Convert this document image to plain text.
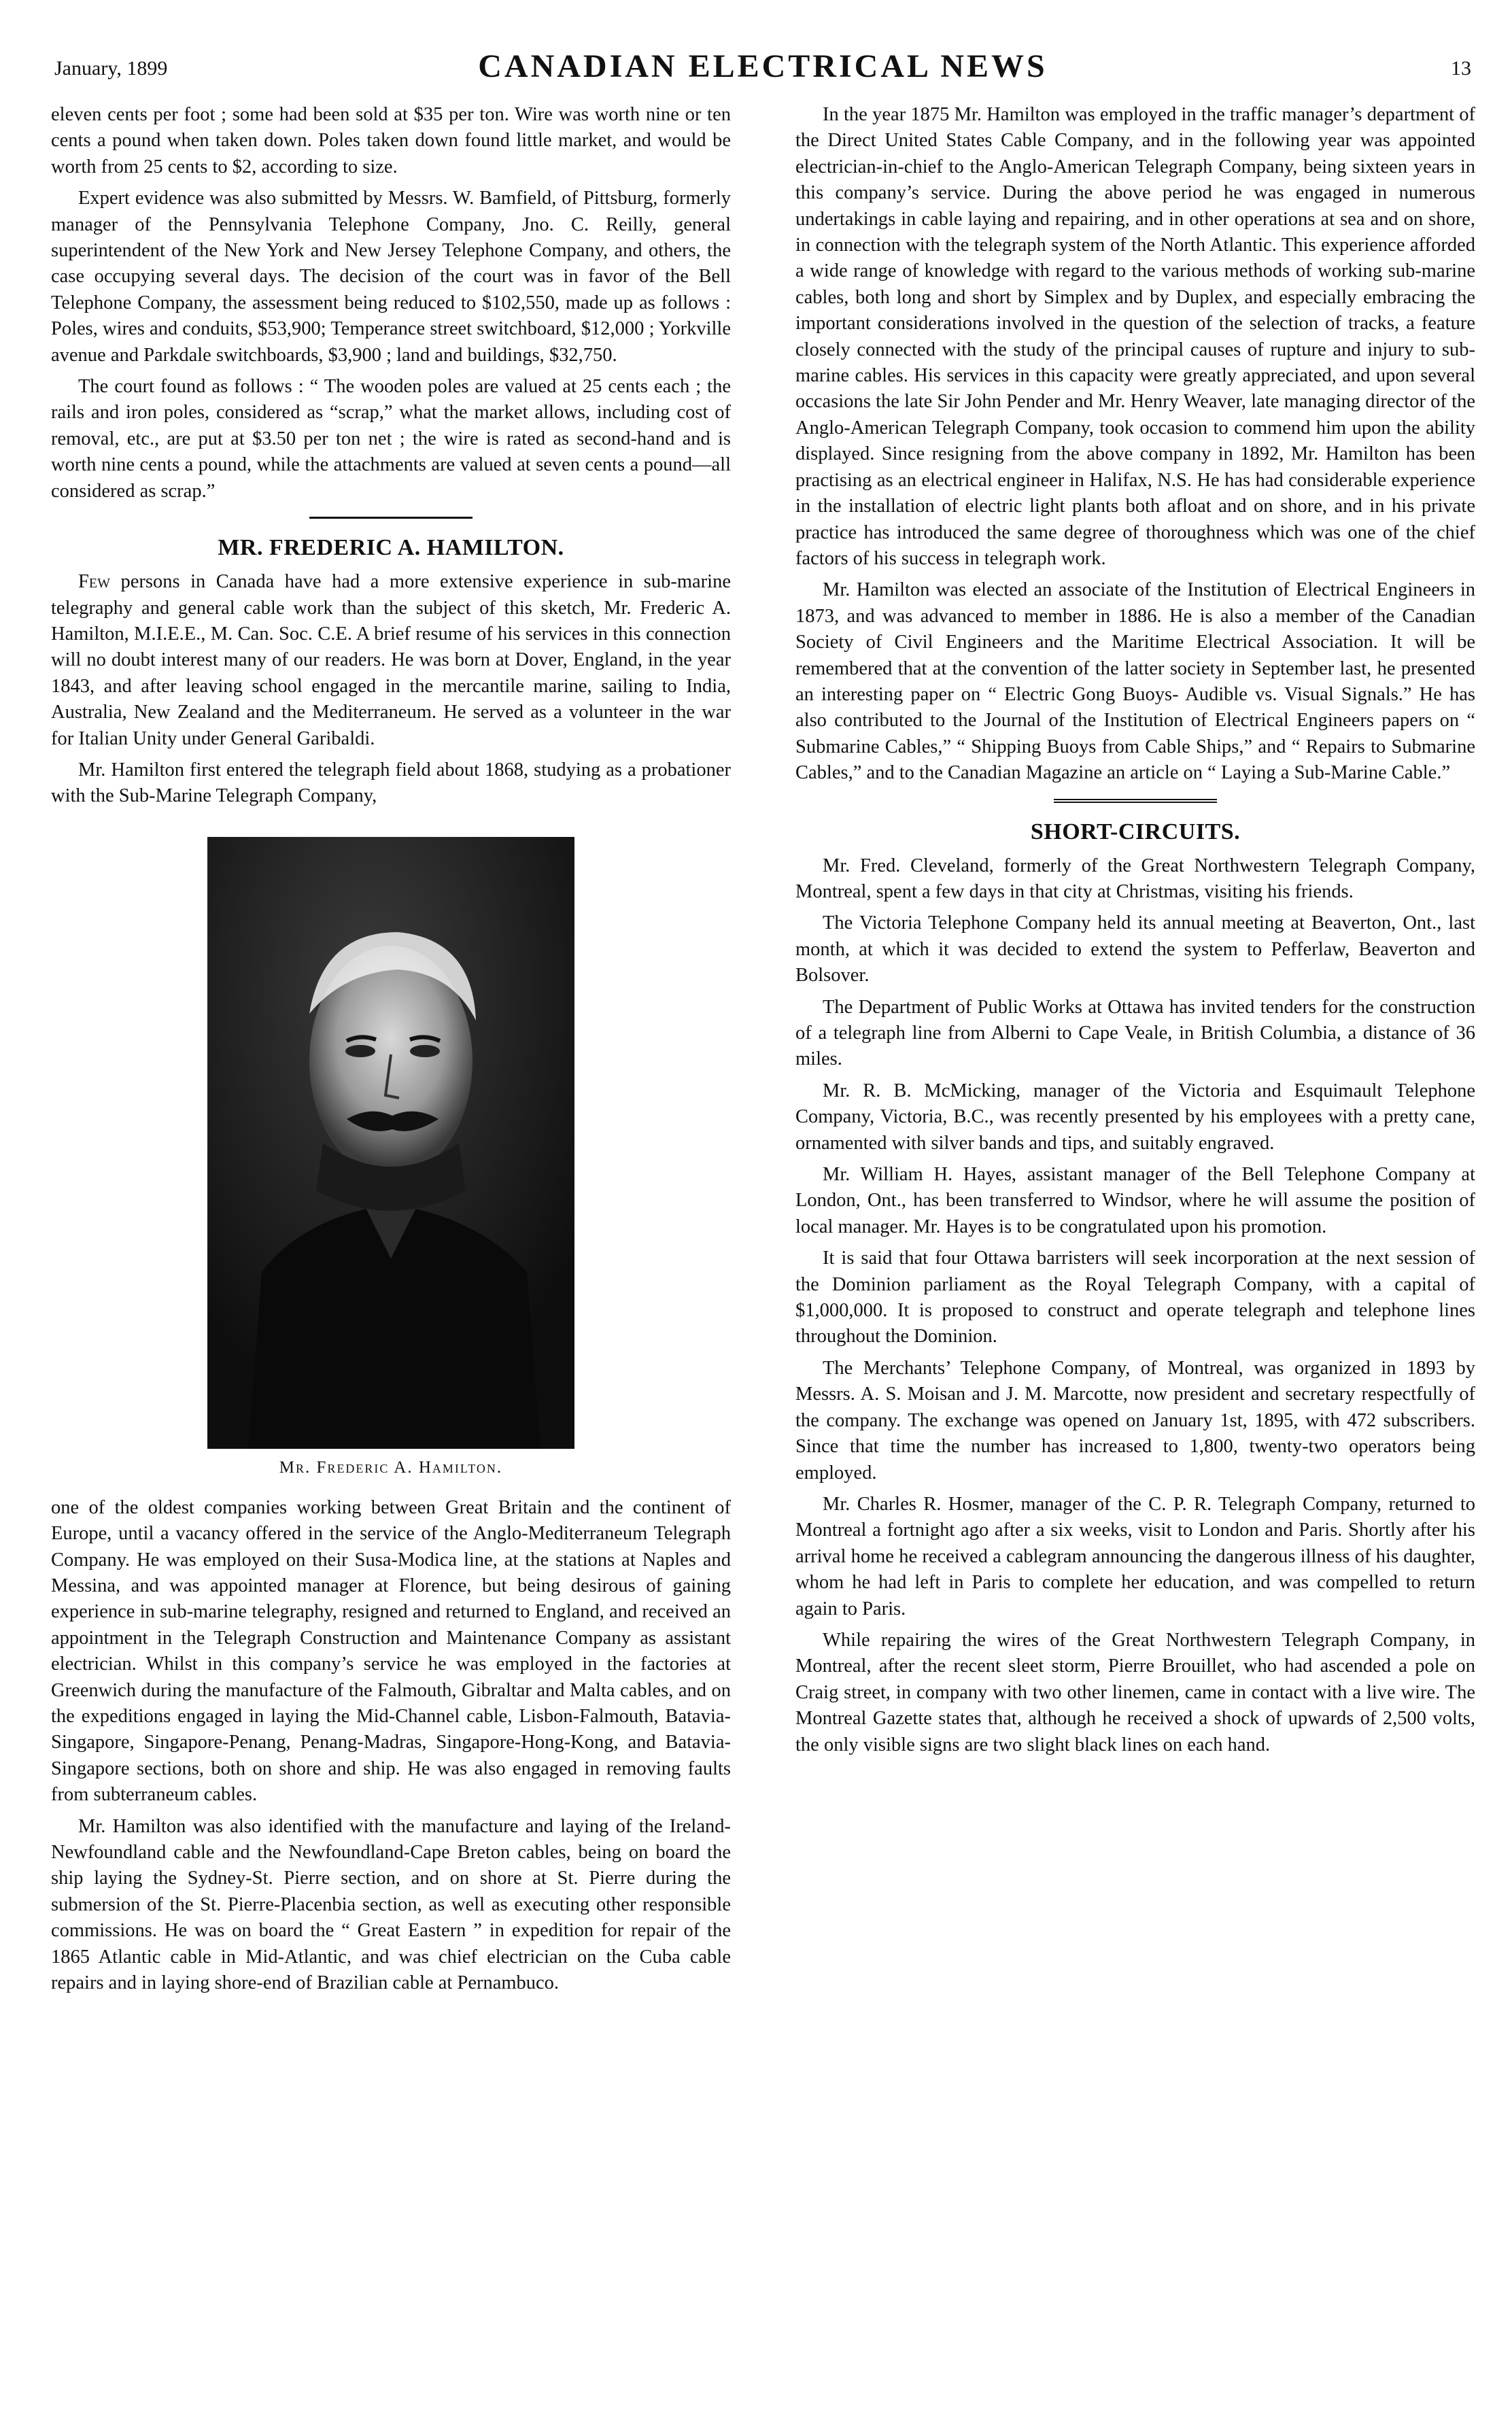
January, 1899	CANADIAN ELECTRICAL NEWS	13

eleven cents per foot ; some had been sold at $35 per ton. Wire was worth nine or ten cents a pound when taken down. Poles taken down found little market, and would be worth from 25 cents to $2, according to size.

Expert evidence was also submitted by Messrs. W. Bamfield, of Pittsburg, formerly manager of the Pennsylvania Telephone Company, Jno. C. Reilly, general superintendent of the New York and New Jersey Telephone Company, and others, the case occupying several days. The decision of the court was in favor of the Bell Telephone Company, the assessment being reduced to $102,550, made up as follows : Poles, wires and conduits, $53,900; Temperance street switchboard, $12,000 ; Yorkville avenue and Parkdale switchboards, $3,900 ; land and buildings, $32,750.

The court found as follows : “ The wooden poles are valued at 25 cents each ; the rails and iron poles, considered as “scrap,” what the market allows, including cost of removal, etc., are put at $3.50 per ton net ; the wire is rated as second-hand and is worth nine cents a pound, while the attachments are valued at seven cents a pound—all considered as scrap.”

MR. FREDERIC A. HAMILTON.

Few persons in Canada have had a more extensive experience in sub-marine telegraphy and general cable work than the subject of this sketch, Mr. Frederic A. Hamilton, M.I.E.E., M. Can. Soc. C.E. A brief resume of his services in this connection will no doubt interest many of our readers. He was born at Dover, England, in the year 1843, and after leaving school engaged in the mercantile marine, sailing to India, Australia, New Zealand and the Mediterraneum. He served as a volunteer in the war for Italian Unity under General Garibaldi.

Mr. Hamilton first entered the telegraph field about 1868, studying as a probationer with the Sub-Marine Telegraph Company,

Mr. Frederic A. Hamilton.

one of the oldest companies working between Great Britain and the continent of Europe, until a vacancy offered in the service of the Anglo-Mediterraneum Telegraph Company. He was employed on their Susa-Modica line, at the stations at Naples and Messina, and was appointed manager at Florence, but being desirous of gaining experience in sub-marine telegraphy, resigned and returned to England, and received an appointment in the Telegraph Construction and Maintenance Company as assistant electrician. Whilst in this company’s service he was employed in the factories at Greenwich during the manufacture of the Falmouth, Gibraltar and Malta cables, and on the expeditions engaged in laying the Mid-Channel cable, Lisbon-Falmouth, Batavia-Singapore, Singapore-Penang, Penang-Madras, Singapore-Hong-Kong, and Batavia-Singapore sections, both on shore and ship. He was also engaged in removing faults from subterraneum cables.

Mr. Hamilton was also identified with the manufacture and laying of the Ireland-Newfoundland cable and the Newfoundland-Cape Breton cables, being on board the ship laying the Sydney-St. Pierre section, and on shore at St. Pierre during the submersion of the St. Pierre-Placenbia section, as well as executing other responsible commissions. He was on board the “ Great Eastern ” in expedition for repair of the 1865 Atlantic cable in Mid-Atlantic, and was chief electrician on the Cuba cable repairs and in laying shore-end of Brazilian cable at Pernambuco.

In the year 1875 Mr. Hamilton was employed in the traffic manager’s department of the Direct United States Cable Company, and in the following year was appointed electrician-in-chief to the Anglo-American Telegraph Company, being sixteen years in this company’s service. During the above period he was engaged in numerous undertakings in cable laying and repairing, and in other operations at sea and on shore, in connection with the telegraph system of the North Atlantic. This experience afforded a wide range of knowledge with regard to the various methods of working sub-marine cables, both long and short by Simplex and by Duplex, and especially embracing the important considerations involved in the question of the selection of tracks, a feature closely connected with the study of the principal causes of rupture and injury to sub-marine cables. His services in this capacity were greatly appreciated, and upon several occasions the late Sir John Pender and Mr. Henry Weaver, late managing director of the Anglo-American Telegraph Company, took occasion to commend him upon the ability displayed. Since resigning from the above company in 1892, Mr. Hamilton has been practising as an electrical engineer in Halifax, N.S. He has had considerable experience in the installation of electric light plants both afloat and on shore, and in his private practice has introduced the same degree of thoroughness which was one of the chief factors of his success in telegraph work.

Mr. Hamilton was elected an associate of the Institution of Electrical Engineers in 1873, and was advanced to member in 1886. He is also a member of the Canadian Society of Civil Engineers and the Maritime Electrical Association. It will be remembered that at the convention of the latter society in September last, he presented an interesting paper on “ Electric Gong Buoys- Audible vs. Visual Signals.” He has also contributed to the Journal of the Institution of Electrical Engineers papers on “ Submarine Cables,” “ Shipping Buoys from Cable Ships,” and “ Repairs to Submarine Cables,” and to the Canadian Magazine an article on “ Laying a Sub-Marine Cable.”

SHORT-CIRCUITS.

Mr. Fred. Cleveland, formerly of the Great Northwestern Telegraph Company, Montreal, spent a few days in that city at Christmas, visiting his friends.

The Victoria Telephone Company held its annual meeting at Beaverton, Ont., last month, at which it was decided to extend the system to Pefferlaw, Beaverton and Bolsover.

The Department of Public Works at Ottawa has invited tenders for the construction of a telegraph line from Alberni to Cape Veale, in British Columbia, a distance of 36 miles.

Mr. R. B. McMicking, manager of the Victoria and Esquimault Telephone Company, Victoria, B.C., was recently presented by his employees with a pretty cane, ornamented with silver bands and tips, and suitably engraved.

Mr. William H. Hayes, assistant manager of the Bell Telephone Company at London, Ont., has been transferred to Windsor, where he will assume the position of local manager. Mr. Hayes is to be congratulated upon his promotion.

It is said that four Ottawa barristers will seek incorporation at the next session of the Dominion parliament as the Royal Telegraph Company, with a capital of $1,000,000. It is proposed to construct and operate telegraph and telephone lines throughout the Dominion.

The Merchants’ Telephone Company, of Montreal, was organized in 1893 by Messrs. A. S. Moisan and J. M. Marcotte, now president and secretary respectfully of the company. The exchange was opened on January 1st, 1895, with 472 subscribers. Since that time the number has increased to 1,800, twenty-two operators being employed.

Mr. Charles R. Hosmer, manager of the C. P. R. Telegraph Company, returned to Montreal a fortnight ago after a six weeks, visit to London and Paris. Shortly after his arrival home he received a cablegram announcing the dangerous illness of his daughter, whom he had left in Paris to complete her education, and was compelled to return again to Paris.

While repairing the wires of the Great Northwestern Telegraph Company, in Montreal, after the recent sleet storm, Pierre Brouillet, who had ascended a pole on Craig street, in company with two other linemen, came in contact with a live wire. The Montreal Gazette states that, although he received a shock of upwards of 2,500 volts, the only visible signs are two slight black lines on each hand.
